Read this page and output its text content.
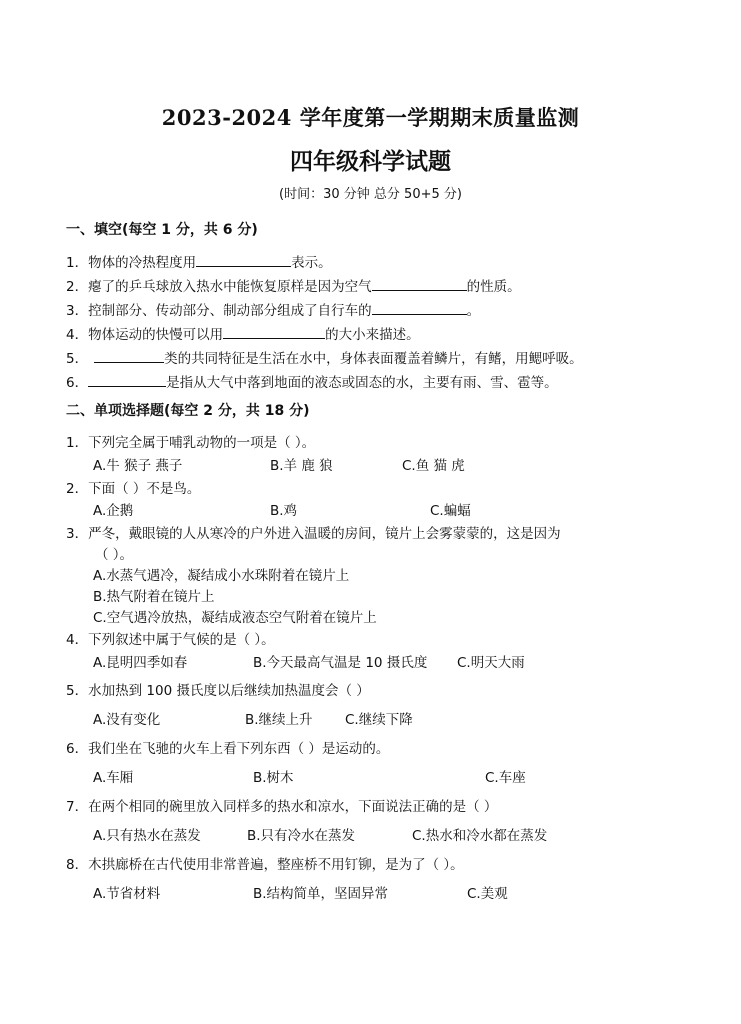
2023-2024 学年度第一学期期末质量监测
四年级科学试题
(时间：30 分钟 总分 50+5 分)
一、填空(每空 1 分，共 6 分)
1．物体的冷热程度用	表示。
2．瘪了的乒乓球放入热水中能恢复原样是因为空气	的性质。
3．控制部分、传动部分、制动部分组成了自行车的	。
4．物体运动的快慢可以用	的大小来描述。
5．	类的共同特征是生活在水中，身体表面覆盖着鳞片，有鳍，用鳃呼吸。
6．	是指从大气中落到地面的液态或固态的水，主要有雨、雪、雹等。
二、单项选择题(每空 2 分，共 18 分)
1．下列完全属于哺乳动物的一项是（ ）。
A.牛 猴子 燕子	B.羊 鹿 狼	C.鱼 猫 虎
2．下面（ ）不是鸟。
A.企鹅	B.鸡	C.蝙蝠
3．严冬，戴眼镜的人从寒冷的户外进入温暖的房间，镜片上会雾蒙蒙的，这是因为
（ ）。
A.水蒸气遇冷，凝结成小水珠附着在镜片上
B.热气附着在镜片上
C.空气遇冷放热，凝结成液态空气附着在镜片上
4．下列叙述中属于气候的是（ ）。
A.昆明四季如春	B.今天最高气温是 10 摄氏度 C.明天大雨
5．水加热到 100 摄氏度以后继续加热温度会（ ）
A.没有变化	B.继续上升 C.继续下降
6．我们坐在飞驰的火车上看下列东西（ ）是运动的。
A.车厢	B.树木	C.车座
7．在两个相同的碗里放入同样多的热水和凉水，下面说法正确的是（ ）
A.只有热水在蒸发	B.只有冷水在蒸发	C.热水和冷水都在蒸发
8．木拱廊桥在古代使用非常普遍，整座桥不用钉铆，是为了（ ）。
A.节省材料	B.结构简单，坚固异常	C.美观
